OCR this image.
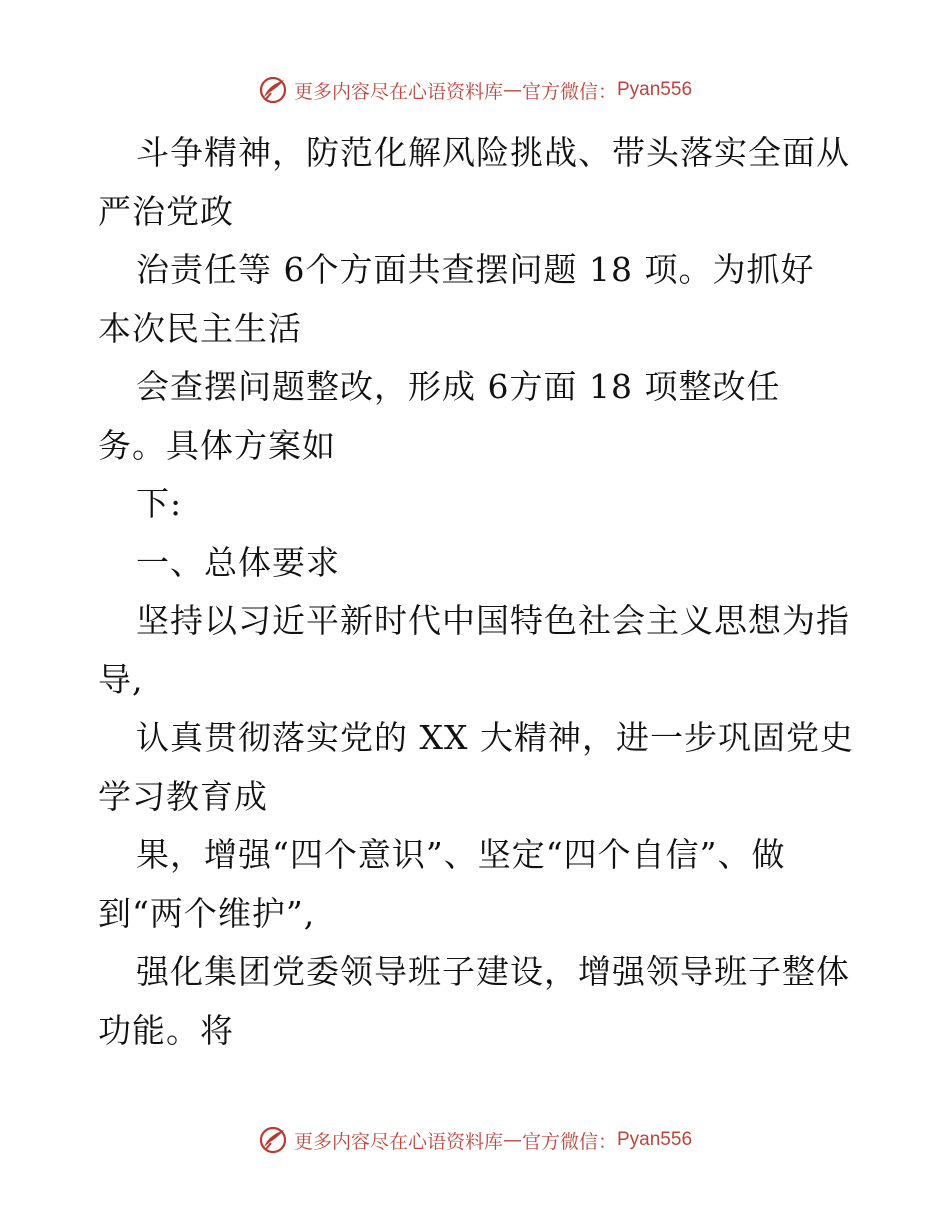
更多内容尽在心语资料库 — 官方微信： Pyan556
斗争精神，防范化解风险挑战、带头落实全面从
严治党政
治责任等 6个方面共查摆问题 18 项。为抓好
本次民主生活
会查摆问题整改，形成 6方面 18 项整改任
务。具体方案如
下:
一、总体要求
坚持以习近平新时代中国特色社会主义思想为指
导,
认真贯彻落实党的 XX 大精神，进一步巩固党史
学习教育成
果，增强“四个意识”、坚定“四个自信”、做
到“两个维护”,
强化集团党委领导班子建设，增强领导班子整体
功能。将
更多内容尽在心语资料库 — 官方微信： Pyan556
